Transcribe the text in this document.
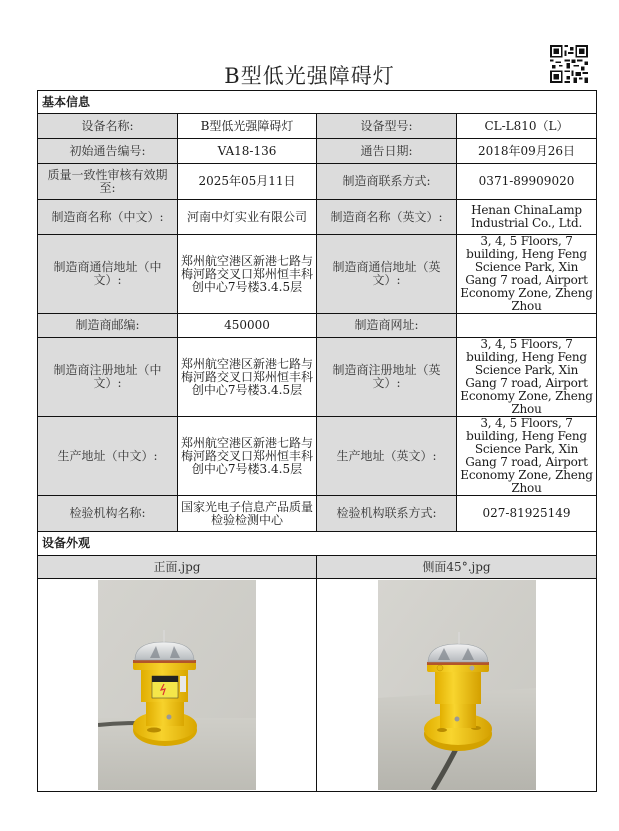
B型低光强障碍灯
基本信息			
设备名称:	B型低光强障碍灯	设备型号:	CL-L810（L）
初始通告编号:	VA18-136	通告日期:	2018年09月26日
质量一致性审核有效期至:	2025年05月11日	制造商联系方式:	0371-89909020
制造商名称（中文）:	河南中灯实业有限公司	制造商名称（英文）:	Henan ChinaLamp Industrial Co., Ltd.
制造商通信地址（中文）:	郑州航空港区新港七路与梅河路交叉口郑州恒丰科创中心7号楼3.4.5层	制造商通信地址（英文）:	3, 4, 5 Floors, 7 building, Heng Feng Science Park, Xin Gang 7 road, Airport Economy Zone, Zheng Zhou
制造商邮编:	450000	制造商网址:	
制造商注册地址（中文）:	郑州航空港区新港七路与梅河路交叉口郑州恒丰科创中心7号楼3.4.5层	制造商注册地址（英文）:	3, 4, 5 Floors, 7 building, Heng Feng Science Park, Xin Gang 7 road, Airport Economy Zone, Zheng Zhou
生产地址（中文）:	郑州航空港区新港七路与梅河路交叉口郑州恒丰科创中心7号楼3.4.5层	生产地址（英文）:	3, 4, 5 Floors, 7 building, Heng Feng Science Park, Xin Gang 7 road, Airport Economy Zone, Zheng Zhou
检验机构名称:	国家光电子信息产品质量检验检测中心	检验机构联系方式:	027-81925149
设备外观			
正面.jpg		侧面45°.jpg	
